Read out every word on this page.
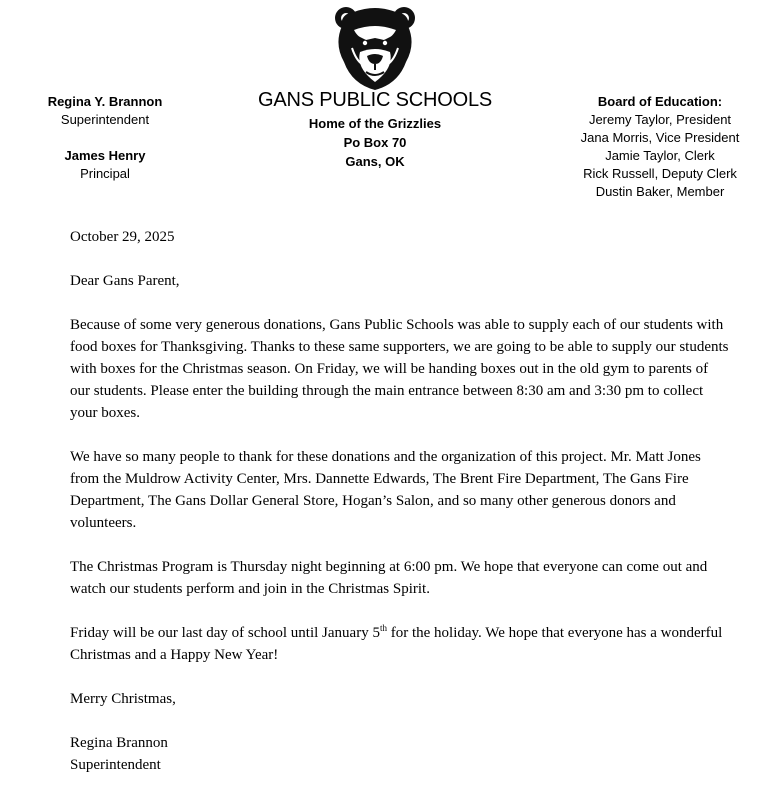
Regina Y. Brannon
Superintendent
James Henry
Principal
GANS PUBLIC SCHOOLS
Home of the Grizzlies
Po Box 70
Gans, OK
Board of Education:
Jeremy Taylor, President
Jana Morris, Vice President
Jamie Taylor, Clerk
Rick Russell, Deputy Clerk
Dustin Baker, Member

October 29, 2025

Dear Gans Parent,

Because of some very generous donations, Gans Public Schools was able to supply each of our students with food boxes for Thanksgiving. Thanks to these same supporters, we are going to be able to supply our students with boxes for the Christmas season. On Friday, we will be handing boxes out in the old gym to parents of our students. Please enter the building through the main entrance between 8:30 am and 3:30 pm to collect your boxes.

We have so many people to thank for these donations and the organization of this project. Mr. Matt Jones from the Muldrow Activity Center, Mrs. Dannette Edwards, The Brent Fire Department, The Gans Fire Department, The Gans Dollar General Store, Hogan’s Salon, and so many other generous donors and volunteers.

The Christmas Program is Thursday night beginning at 6:00 pm. We hope that everyone can come out and watch our students perform and join in the Christmas Spirit.

Friday will be our last day of school until January 5th for the holiday. We hope that everyone has a wonderful Christmas and a Happy New Year!

Merry Christmas,

Regina Brannon

Superintendent
